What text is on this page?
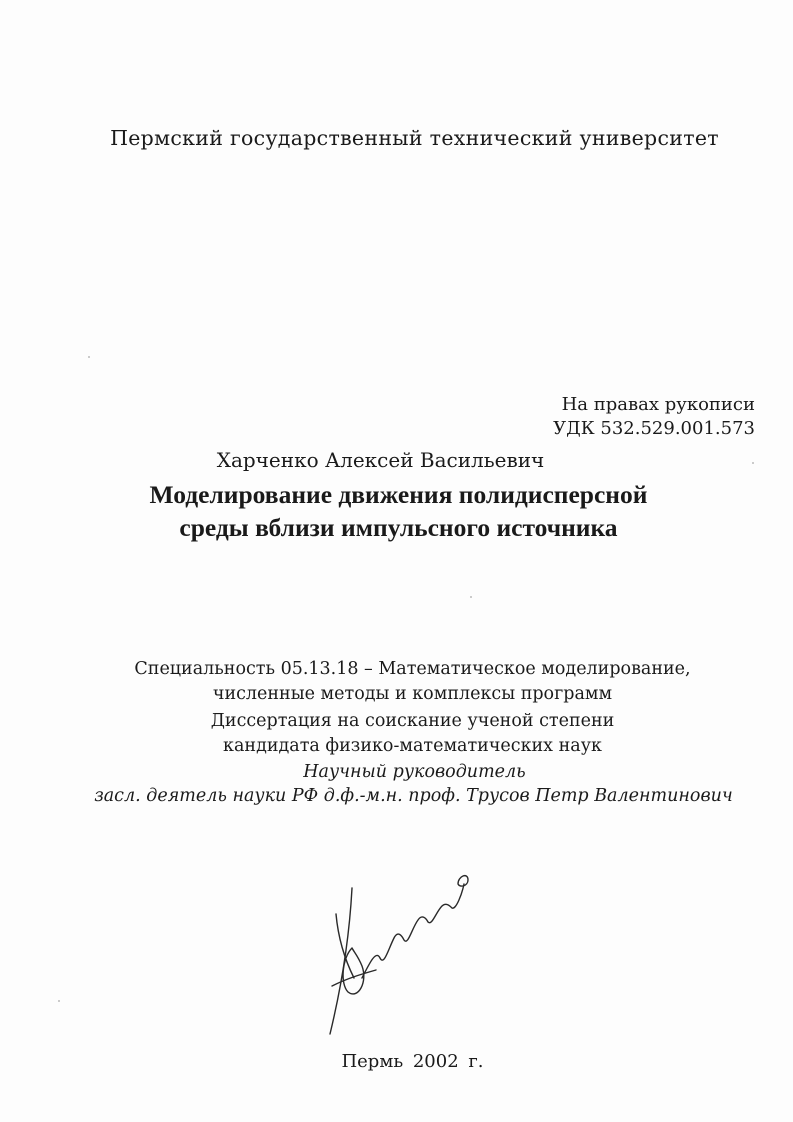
Пермский государственный технический университет
На правах рукописи
УДК 532.529.001.573
Харченко Алексей Васильевич
Моделирование движения полидисперсной
среды вблизи импульсного источника
Специальность 05.13.18 – Математическое моделирование,
численные методы и комплексы программ
Диссертация на соискание ученой степени
кандидата физико-математических наук
Научный руководитель
засл. деятель науки РФ д.ф.-м.н. проф. Трусов Петр Валентинович
Пермь 2002 г.
